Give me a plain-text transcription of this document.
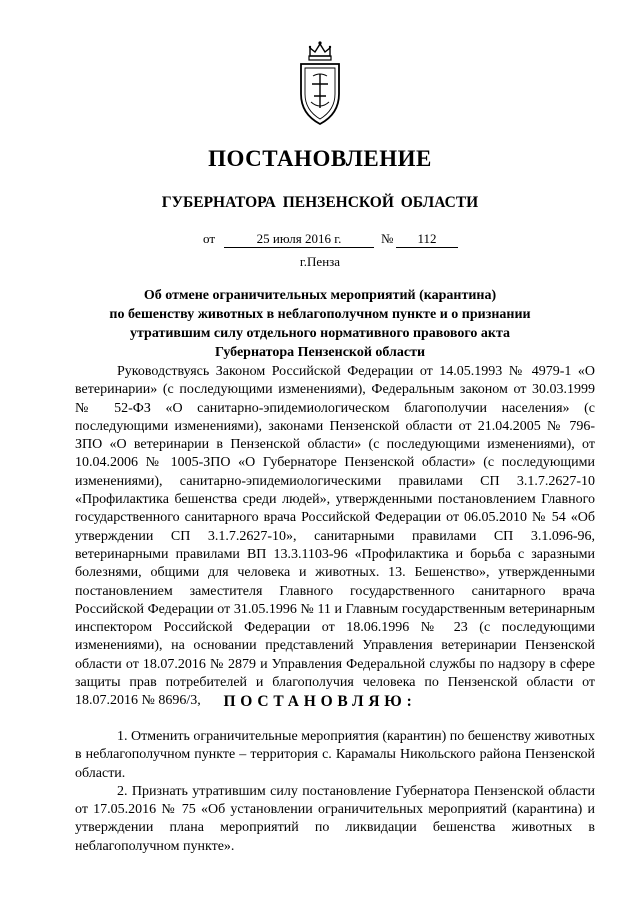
ПОСТАНОВЛЕНИЕ
ГУБЕРНАТОРА ПЕНЗЕНСКОЙ ОБЛАСТИ
от	25 июля 2016 г.	№	112
г.Пенза
Об отмене ограничительных мероприятий (карантина)
по бешенству животных в неблагополучном пункте и о признании
утратившим силу отдельного нормативного правового акта
Губернатора Пензенской области

Руководствуясь Законом Российской Федерации от 14.05.1993 № 4979-1 «О ветеринарии» (с последующими изменениями), Федеральным законом от 30.03.1999 № 52-ФЗ «О санитарно-эпидемиологическом благополучии населения» (с последующими изменениями), законами Пензенской области от 21.04.2005 № 796-ЗПО «О ветеринарии в Пензенской области» (с последующими изменениями), от 10.04.2006 № 1005-ЗПО «О Губернаторе Пензенской области» (с последующими изменениями), санитарно-эпидемиологическими правилами СП 3.1.7.2627-10 «Профилактика бешенства среди людей», утвержденными постановлением Главного государственного санитарного врача Российской Федерации от 06.05.2010 № 54 «Об утверждении СП 3.1.7.2627-10», санитарными правилами СП 3.1.096-96, ветеринарными правилами ВП 13.3.1103-96 «Профилактика и борьба с заразными болезнями, общими для человека и животных. 13. Бешенство», утвержденными постановлением заместителя Главного государственного санитарного врача Российской Федерации от 31.05.1996 № 11 и Главным государственным ветеринарным инспектором Российской Федерации от 18.06.1996 № 23 (с последующими изменениями), на основании представлений Управления ветеринарии Пензенской области от 18.07.2016 № 2879 и Управления Федеральной службы по надзору в сфере защиты прав потребителей и благополучия человека по Пензенской области от 18.07.2016 № 8696/3,	ПОСТАНОВЛЯЮ:

1. Отменить ограничительные мероприятия (карантин) по бешенству животных в неблагополучном пункте – территория с. Карамалы Никольского района Пензенской области.

2. Признать утратившим силу постановление Губернатора Пензенской области от 17.05.2016 № 75 «Об установлении ограничительных мероприятий (карантина) и утверждении плана мероприятий по ликвидации бешенства животных в неблагополучном пункте».
